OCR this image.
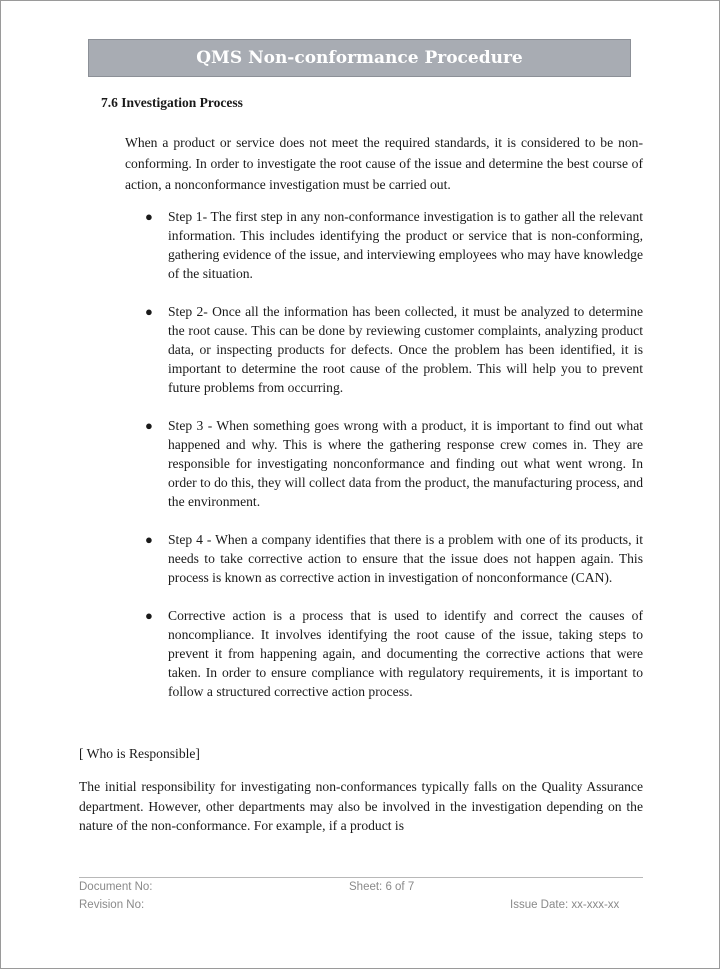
QMS Non-conformance Procedure
7.6 Investigation Process

When a product or service does not meet the required standards, it is considered to be non-conforming. In order to investigate the root cause of the issue and determine the best course of action, a nonconformance investigation must be carried out.

● Step 1- The first step in any non-conformance investigation is to gather all the relevant information. This includes identifying the product or service that is non-conforming, gathering evidence of the issue, and interviewing employees who may have knowledge of the situation.
● Step 2- Once all the information has been collected, it must be analyzed to determine the root cause. This can be done by reviewing customer complaints, analyzing product data, or inspecting products for defects. Once the problem has been identified, it is important to determine the root cause of the problem. This will help you to prevent future problems from occurring.
● Step 3 - When something goes wrong with a product, it is important to find out what happened and why. This is where the gathering response crew comes in. They are responsible for investigating nonconformance and finding out what went wrong. In order to do this, they will collect data from the product, the manufacturing process, and the environment.
● Step 4 - When a company identifies that there is a problem with one of its products, it needs to take corrective action to ensure that the issue does not happen again. This process is known as corrective action in investigation of nonconformance (CAN).
● Corrective action is a process that is used to identify and correct the causes of noncompliance. It involves identifying the root cause of the issue, taking steps to prevent it from happening again, and documenting the corrective actions that were taken. In order to ensure compliance with regulatory requirements, it is important to follow a structured corrective action process.
[ Who is Responsible]

The initial responsibility for investigating non-conformances typically falls on the Quality Assurance department. However, other departments may also be involved in the investigation depending on the nature of the non-conformance. For example, if a product is

Document No:	Sheet: 6 of 7
Revision No:	Issue Date: xx-xxx-xx
